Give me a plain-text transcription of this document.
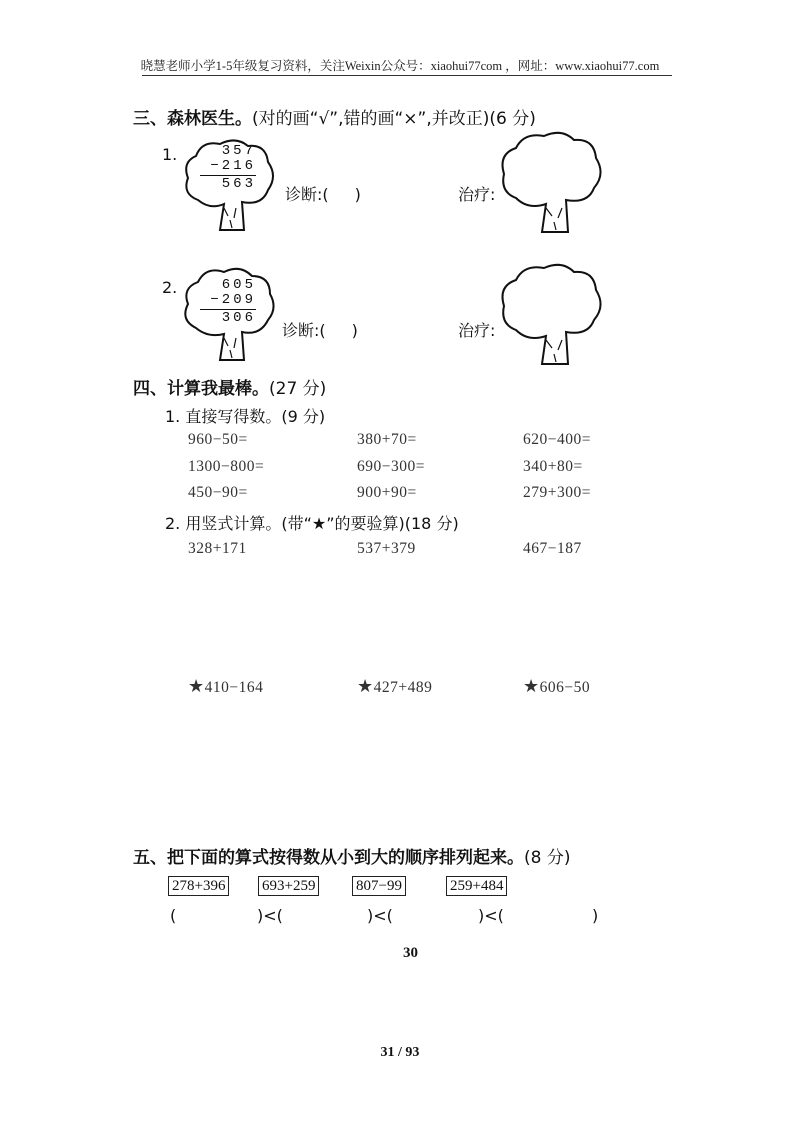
晓慧老师小学1-5年级复习资料，关注Weixin公众号：xiaohui77com ，网址：www.xiaohui77.com
三、森林医生。(对的画“√”,错的画“×”,并改正)(6 分)
1.	357
−216
563
诊断:( )	治疗:
2.	605
−209
306
诊断:( )	治疗:
四、计算我最棒。(27 分)
1. 直接写得数。(9 分)
960−50=	380+70=	620−400=
1300−800=	690−300=	340+80=
450−90=	900+90=	279+300=
2. 用竖式计算。(带“★”的要验算)(18 分)
328+171	537+379	467−187
★410−164	★427+489	★606−50
五、把下面的算式按得数从小到大的顺序排列起来。(8 分)
278+396 693+259	807−99	259+484
(	)<(	)<(	)<(	)
30
31 / 93
